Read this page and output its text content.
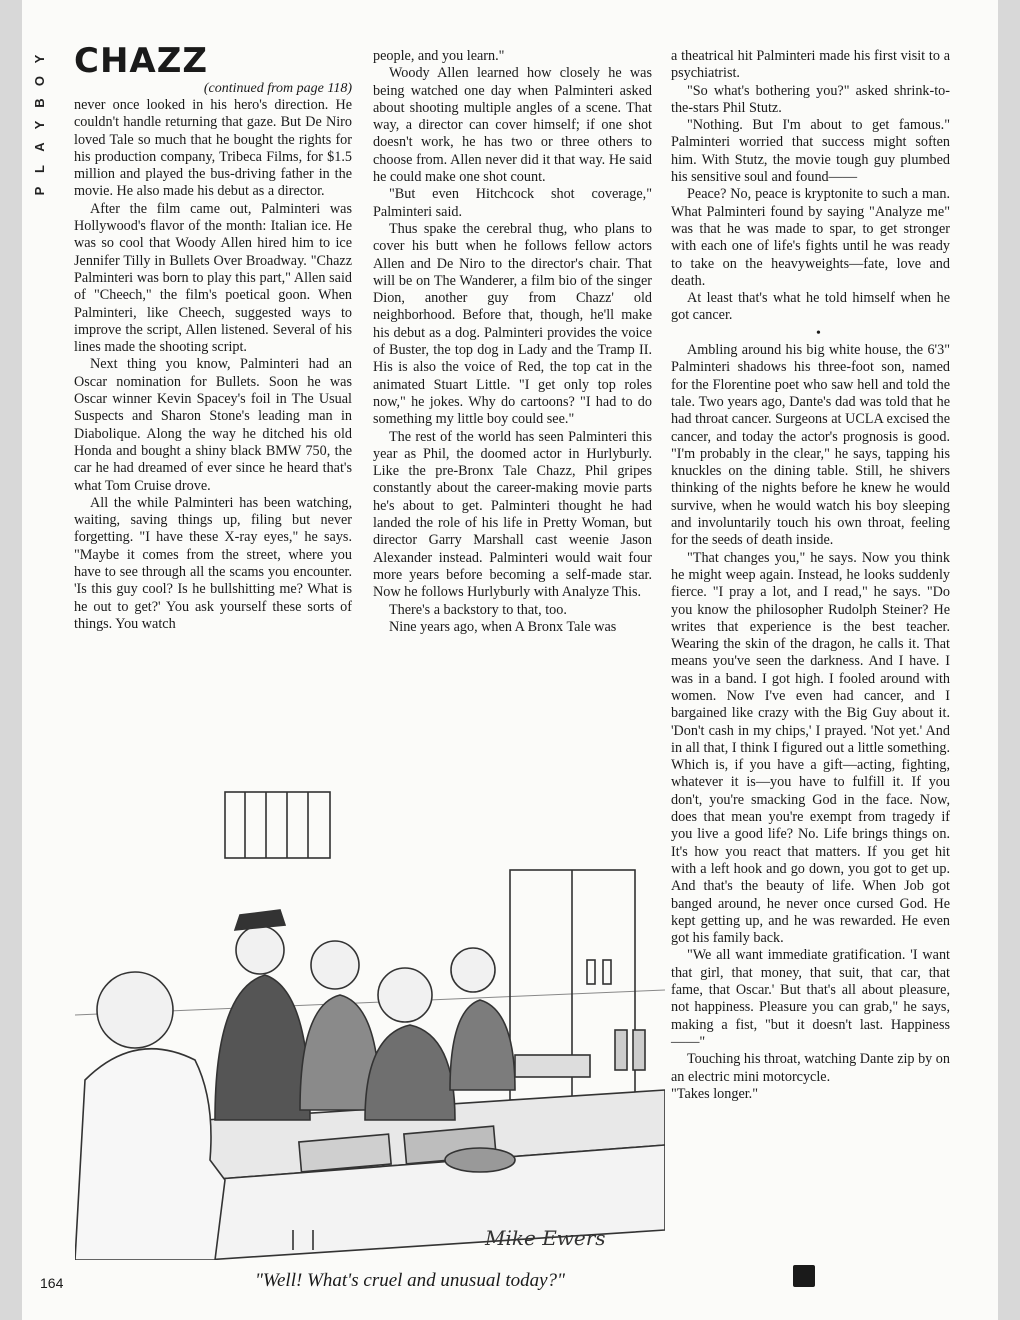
Y
O
B
Y
A
L
P
CHAZZ
(continued from page 118)

never once looked in his hero's direction. He couldn't handle returning that gaze. But De Niro loved Tale so much that he bought the rights for his production company, Tribeca Films, for $1.5 million and played the bus-driving father in the movie. He also made his debut as a director.

After the film came out, Palminteri was Hollywood's flavor of the month: Italian ice. He was so cool that Woody Allen hired him to ice Jennifer Tilly in Bullets Over Broadway. "Chazz Palminteri was born to play this part," Allen said of "Cheech," the film's poetical goon. When Palminteri, like Cheech, suggested ways to improve the script, Allen listened. Several of his lines made the shooting script.

Next thing you know, Palminteri had an Oscar nomination for Bullets. Soon he was Oscar winner Kevin Spacey's foil in The Usual Suspects and Sharon Stone's leading man in Diabolique. Along the way he ditched his old Honda and bought a shiny black BMW 750, the car he had dreamed of ever since he heard that's what Tom Cruise drove.

All the while Palminteri has been watching, waiting, saving things up, filing but never forgetting. "I have these X-ray eyes," he says. "Maybe it comes from the street, where you have to see through all the scams you encounter. 'Is this guy cool? Is he bullshitting me? What is he out to get?' You ask yourself these sorts of things. You watch

people, and you learn."

Woody Allen learned how closely he was being watched one day when Palminteri asked about shooting multiple angles of a scene. That way, a director can cover himself; if one shot doesn't work, he has two or three others to choose from. Allen never did it that way. He said he could make one shot count.

"But even Hitchcock shot coverage," Palminteri said.

Thus spake the cerebral thug, who plans to cover his butt when he follows fellow actors Allen and De Niro to the director's chair. That will be on The Wanderer, a film bio of the singer Dion, another guy from Chazz' old neighborhood. Before that, though, he'll make his debut as a dog. Palminteri provides the voice of Buster, the top dog in Lady and the Tramp II. His is also the voice of Red, the top cat in the animated Stuart Little. "I get only top roles now," he jokes. Why do cartoons? "I had to do something my little boy could see."

The rest of the world has seen Palminteri this year as Phil, the doomed actor in Hurlyburly. Like the pre-Bronx Tale Chazz, Phil gripes constantly about the career-making movie parts he's about to get. Palminteri thought he had landed the role of his life in Pretty Woman, but director Garry Marshall cast weenie Jason Alexander instead. Palminteri would wait four more years before becoming a self-made star. Now he follows Hurlyburly with Analyze This.

There's a backstory to that, too.

Nine years ago, when A Bronx Tale was

a theatrical hit Palminteri made his first visit to a psychiatrist.

"So what's bothering you?" asked shrink-to-the-stars Phil Stutz.

"Nothing. But I'm about to get famous." Palminteri worried that success might soften him. With Stutz, the movie tough guy plumbed his sensitive soul and found——

Peace? No, peace is kryptonite to such a man. What Palminteri found by saying "Analyze me" was that he was made to spar, to get stronger with each one of life's fights until he was ready to take on the heavyweights—fate, love and death.

At least that's what he told himself when he got cancer.

•

Ambling around his big white house, the 6'3" Palminteri shadows his three-foot son, named for the Florentine poet who saw hell and told the tale. Two years ago, Dante's dad was told that he had throat cancer. Surgeons at UCLA excised the cancer, and today the actor's prognosis is good. "I'm probably in the clear," he says, tapping his knuckles on the dining table. Still, he shivers thinking of the nights before he knew he would survive, when he would watch his boy sleeping and involuntarily touch his own throat, feeling for the seeds of death inside.

"That changes you," he says. Now you think he might weep again. Instead, he looks suddenly fierce. "I pray a lot, and I read," he says. "Do you know the philosopher Rudolph Steiner? He writes that experience is the best teacher. Wearing the skin of the dragon, he calls it. That means you've seen the darkness. And I have. I was in a band. I got high. I fooled around with women. Now I've even had cancer, and I bargained like crazy with the Big Guy about it. 'Don't cash in my chips,' I prayed. 'Not yet.' And in all that, I think I figured out a little something. Which is, if you have a gift—acting, fighting, whatever it is—you have to fulfill it. If you don't, you're smacking God in the face. Now, does that mean you're exempt from tragedy if you live a good life? No. Life brings things on. It's how you react that matters. If you get hit with a left hook and go down, you got to get up. And that's the beauty of life. When Job got banged around, he never once cursed God. He kept getting up, and he was rewarded. He even got his family back.

"We all want immediate gratification. 'I want that girl, that money, that suit, that car, that fame, that Oscar.' But that's all about pleasure, not happiness. Pleasure you can grab," he says, making a fist, "but it doesn't last. Happiness——"

Touching his throat, watching Dante zip by on an electric mini motorcycle.

"Takes longer."

Mike Ewers
164	"Well! What's cruel and unusual today?"
